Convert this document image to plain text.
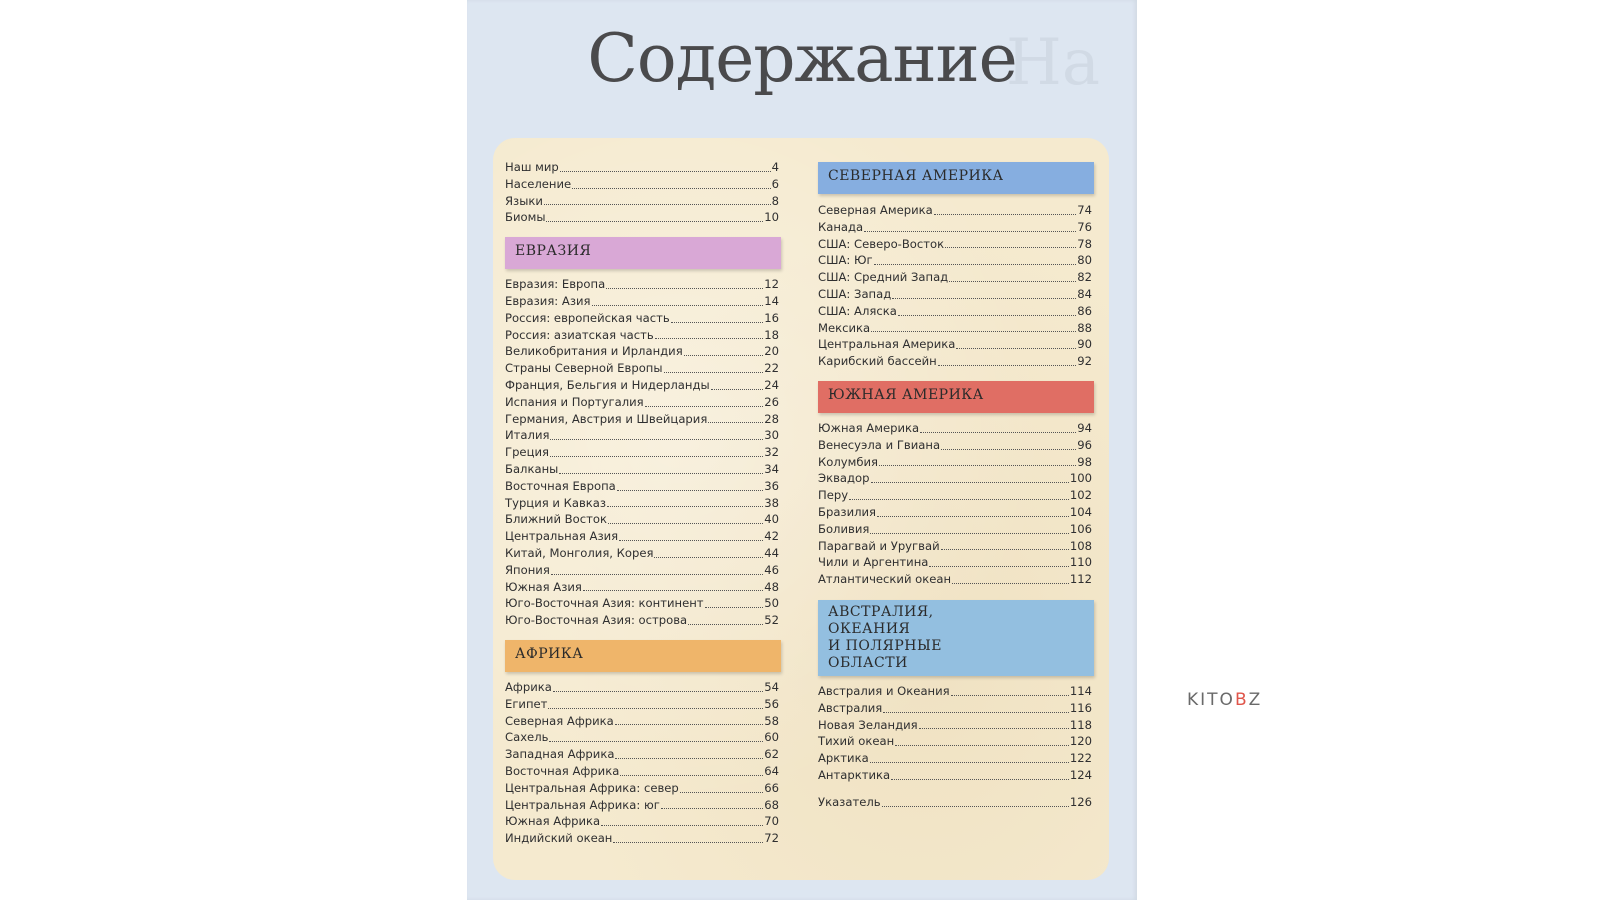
На
Содержание
Наш мир	4
Население	6
Языки	8
Биомы	10
ЕВРАЗИЯ
Евразия: Европа	12
Евразия: Азия	14
Россия: европейская часть	16
Россия: азиатская часть	18
Великобритания и Ирландия	20
Страны Северной Европы	22
Франция, Бельгия и Нидерланды	24
Испания и Португалия	26
Германия, Австрия и Швейцария	28
Италия	30
Греция	32
Балканы	34
Восточная Европа	36
Турция и Кавказ	38
Ближний Восток	40
Центральная Азия	42
Китай, Монголия, Корея	44
Япония	46
Южная Азия	48
Юго-Восточная Азия: континент	50
Юго-Восточная Азия: острова	52
АФРИКА
Африка	54
Египет	56
Северная Африка	58
Сахель	60
Западная Африка	62
Восточная Африка	64
Центральная Африка: север	66
Центральная Африка: юг	68
Южная Африка	70
Индийский океан	72
СЕВЕРНАЯ АМЕРИКА
Северная Америка	74
Канада	76
США: Северо-Восток	78
США: Юг	80
США: Средний Запад	82
США: Запад	84
США: Аляска	86
Мексика	88
Центральная Америка	90
Карибский бассейн	92
ЮЖНАЯ АМЕРИКА
Южная Америка	94
Венесуэла и Гвиана	96
Колумбия	98
Эквадор	100
Перу	102
Бразилия	104
Боливия	106
Парагвай и Уругвай	108
Чили и Аргентина	110
Атлантический океан	112
АВСТРАЛИЯ,
ОКЕАНИЯ
И ПОЛЯРНЫЕ
ОБЛАСТИ
Австралия и Океания	114
Австралия	116
Новая Зеландия	118
Тихий океан	120
Арктика	122
Антарктика	124
Указатель	126
KITOBZ
